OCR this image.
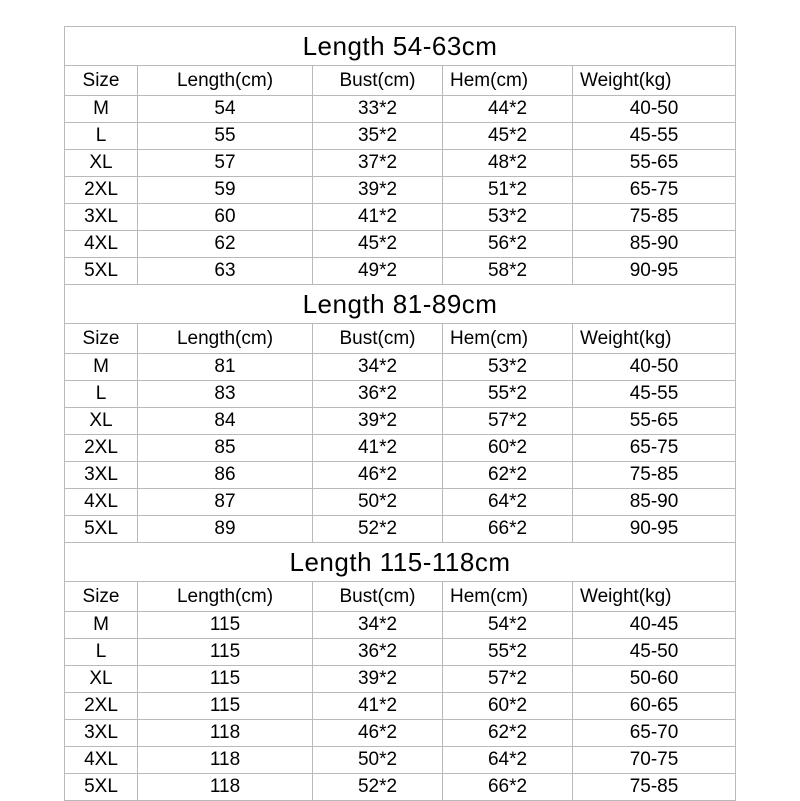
Length 54-63cm				
Size	Length(cm)	Bust(cm)	Hem(cm)	Weight(kg)
M	54	33*2	44*2	40-50
L	55	35*2	45*2	45-55
XL	57	37*2	48*2	55-65
2XL	59	39*2	51*2	65-75
3XL	60	41*2	53*2	75-85
4XL	62	45*2	56*2	85-90
5XL	63	49*2	58*2	90-95
Length 81-89cm				
Size	Length(cm)	Bust(cm)	Hem(cm)	Weight(kg)
M	81	34*2	53*2	40-50
L	83	36*2	55*2	45-55
XL	84	39*2	57*2	55-65
2XL	85	41*2	60*2	65-75
3XL	86	46*2	62*2	75-85
4XL	87	50*2	64*2	85-90
5XL	89	52*2	66*2	90-95
Length 115-118cm				
Size	Length(cm)	Bust(cm)	Hem(cm)	Weight(kg)
M	115	34*2	54*2	40-45
L	115	36*2	55*2	45-50
XL	115	39*2	57*2	50-60
2XL	115	41*2	60*2	60-65
3XL	118	46*2	62*2	65-70
4XL	118	50*2	64*2	70-75
5XL	118	52*2	66*2	75-85
